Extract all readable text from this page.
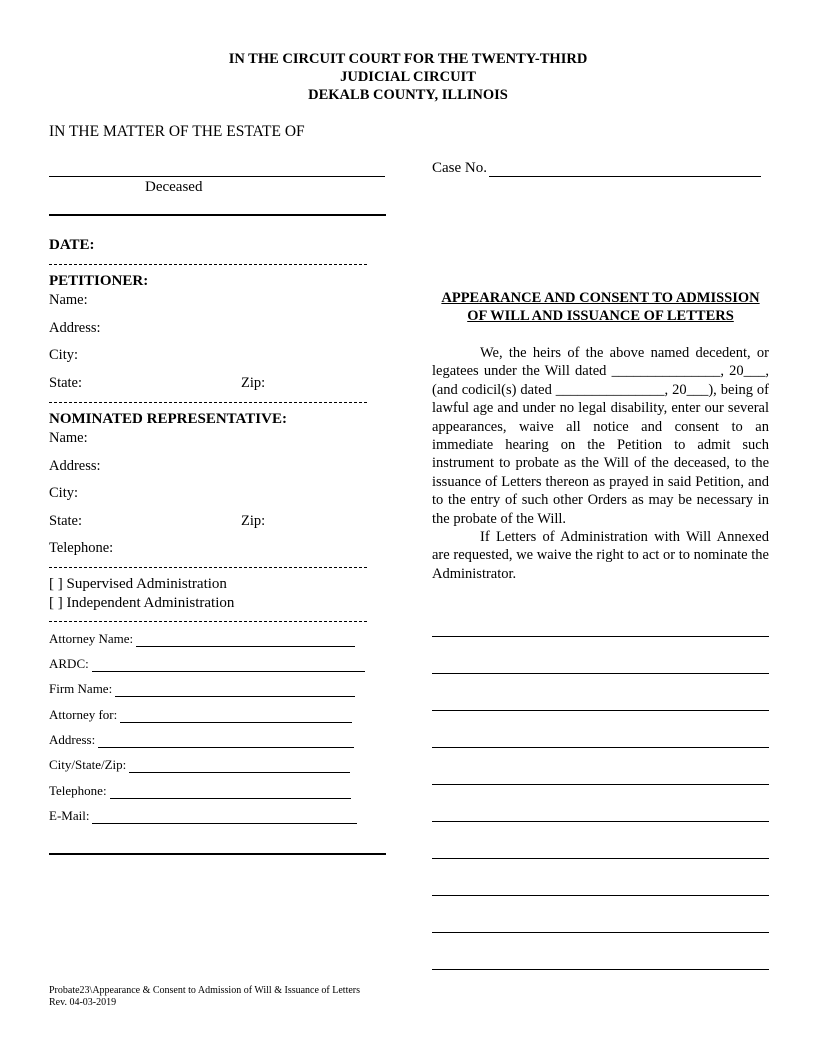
IN THE CIRCUIT COURT FOR THE TWENTY-THIRD
JUDICIAL CIRCUIT
DEKALB COUNTY, ILLINOIS
IN THE MATTER OF THE ESTATE OF
Deceased
Case No.
DATE:
PETITIONER:
Name:
Address:
City:
State:	Zip:
NOMINATED REPRESENTATIVE:
Name:
Address:
City:
State:	Zip:
Telephone:
[ ] Supervised Administration
[ ] Independent Administration
Attorney Name:
ARDC:
Firm Name:
Attorney for:
Address:
City/State/Zip:
Telephone:
E-Mail:
APPEARANCE AND CONSENT TO ADMISSION OF WILL AND ISSUANCE OF LETTERS

We, the heirs of the above named decedent, or legatees under the Will dated _______________, 20___, (and codicil(s) dated _______________, 20___), being of lawful age and under no legal disability, enter our several appearances, waive all notice and consent to an immediate hearing on the Petition to admit such instrument to probate as the Will of the deceased, to the issuance of Letters thereon as prayed in said Petition, and to the entry of such other Orders as may be necessary in the probate of the Will.

If Letters of Administration with Will Annexed are requested, we waive the right to act or to nominate the Administrator.

Probate23\Appearance & Consent to Admission of Will & Issuance of Letters
Rev. 04-03-2019
